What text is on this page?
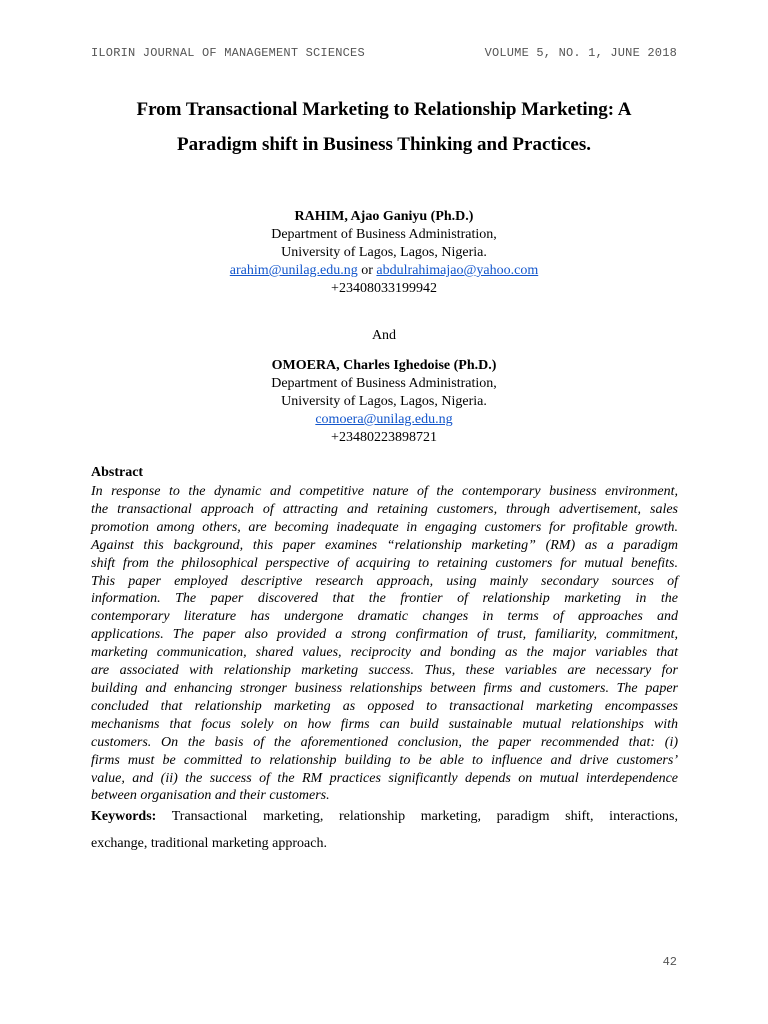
ILORIN JOURNAL OF MANAGEMENT SCIENCES	VOLUME 5, NO. 1, JUNE 2018
From Transactional Marketing to Relationship Marketing: A
Paradigm shift in Business Thinking and Practices.
RAHIM, Ajao Ganiyu (Ph.D.)
Department of Business Administration,
University of Lagos, Lagos, Nigeria.
arahim@unilag.edu.ng or abdulrahimajao@yahoo.com
+23408033199942
And
OMOERA, Charles Ighedoise (Ph.D.)
Department of Business Administration,
University of Lagos, Lagos, Nigeria.
comoera@unilag.edu.ng
+23480223898721
Abstract
In response to the dynamic and competitive nature of the contemporary business environment,
the transactional approach of attracting and retaining customers, through advertisement, sales
promotion among others, are becoming inadequate in engaging customers for profitable growth.
Against this background, this paper examines “relationship marketing” (RM) as a paradigm
shift from the philosophical perspective of acquiring to retaining customers for mutual benefits.
This paper employed descriptive research approach, using mainly secondary sources of
information. The paper discovered that the frontier of relationship marketing in the
contemporary literature has undergone dramatic changes in terms of approaches and
applications. The paper also provided a strong confirmation of trust, familiarity, commitment,
marketing communication, shared values, reciprocity and bonding as the major variables that
are associated with relationship marketing success. Thus, these variables are necessary for
building and enhancing stronger business relationships between firms and customers. The paper
concluded that relationship marketing as opposed to transactional marketing encompasses
mechanisms that focus solely on how firms can build sustainable mutual relationships with
customers. On the basis of the aforementioned conclusion, the paper recommended that: (i)
firms must be committed to relationship building to be able to influence and drive customers’
value, and (ii) the success of the RM practices significantly depends on mutual interdependence
between organisation and their customers.
Keywords: Transactional marketing, relationship marketing, paradigm shift, interactions,
exchange, traditional marketing approach.
42
